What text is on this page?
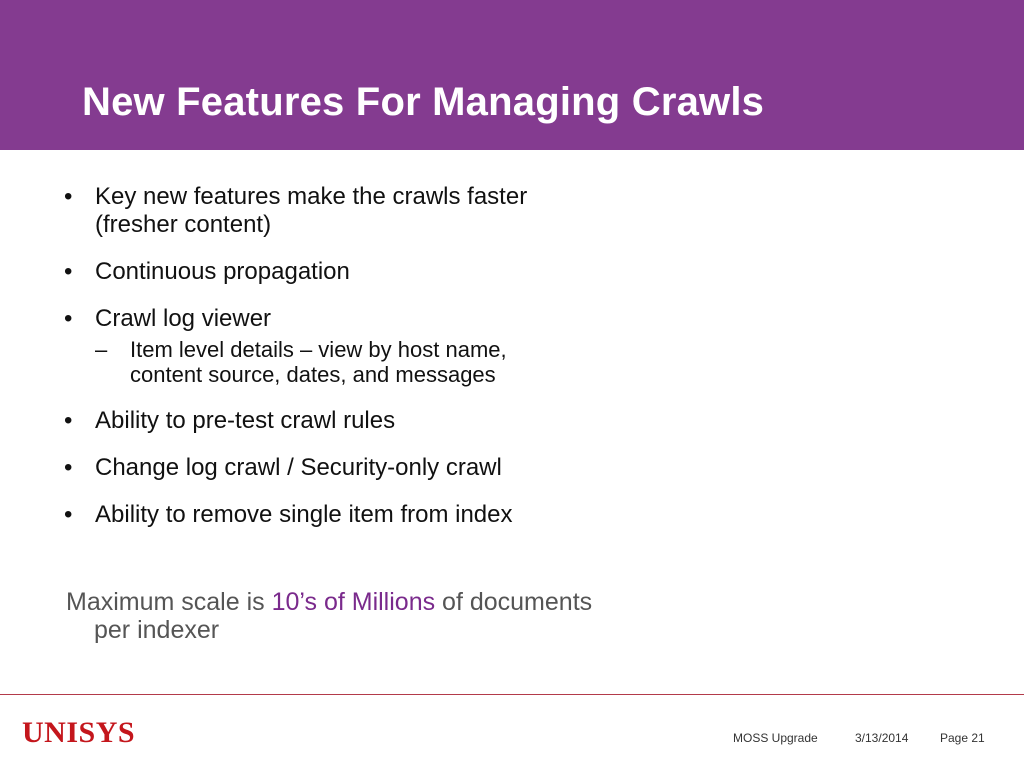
New Features For Managing Crawls
• Key new features make the crawls faster
(fresher content)
• Continuous propagation
• Crawl log viewer
– Item level details – view by host name,
content source, dates, and messages
• Ability to pre-test crawl rules
• Change log crawl / Security-only crawl
• Ability to remove single item from index
Maximum scale is 10’s of Millions of documents
per indexer
UNISYS	MOSS Upgrade	3/13/2014	Page 21
